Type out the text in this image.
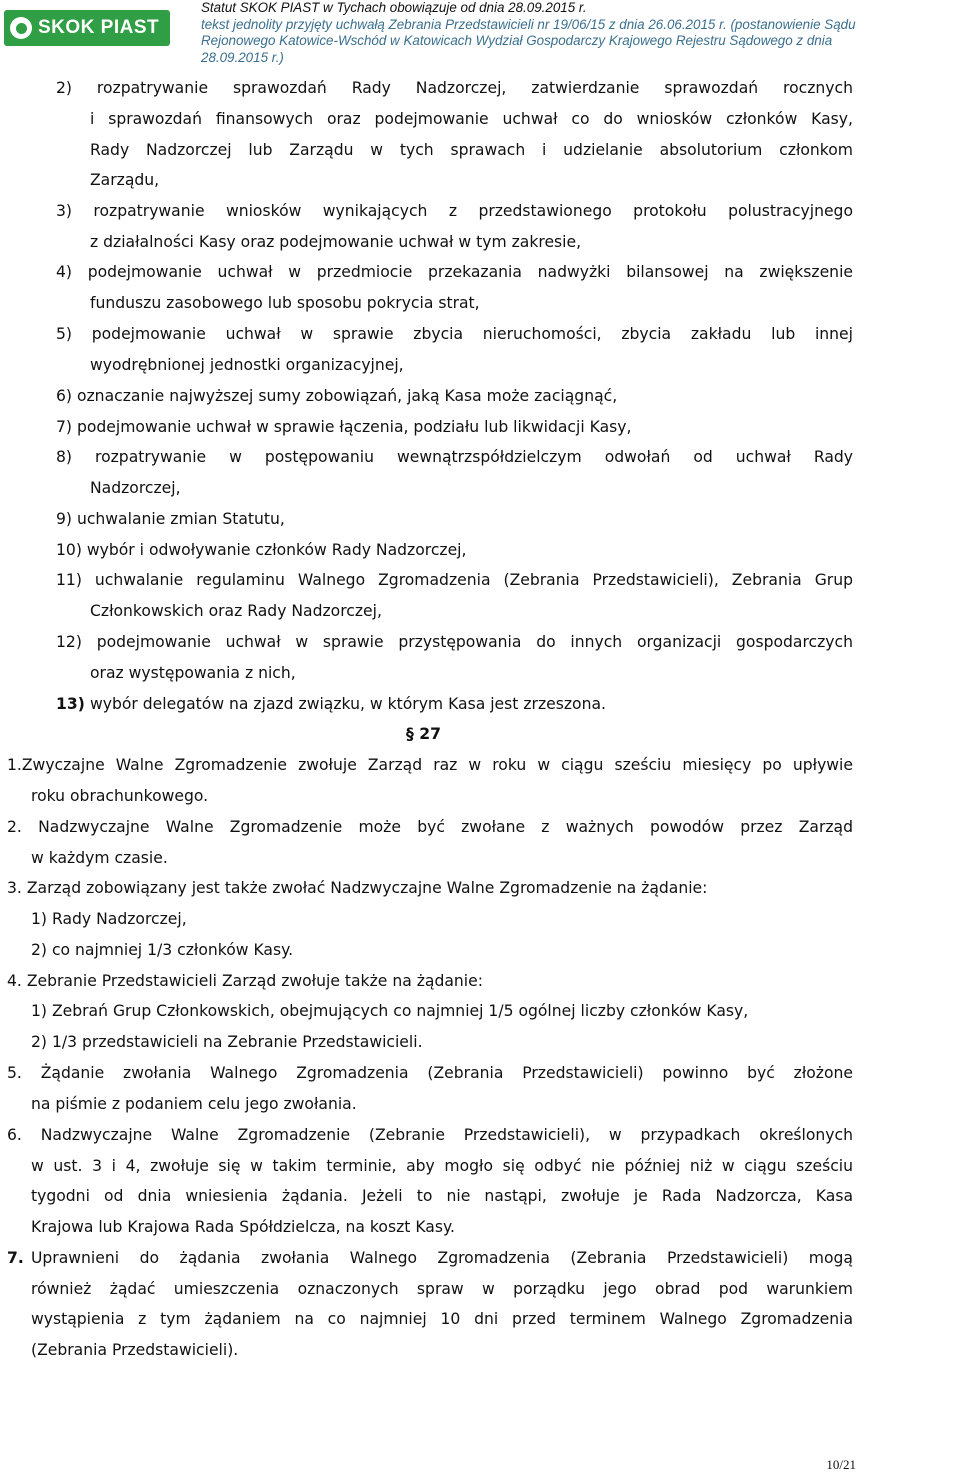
SKOK PIAST
Statut SKOK PIAST w Tychach obowiązuje od dnia 28.09.2015 r.
tekst jednolity przyjęty uchwałą Zebrania Przedstawicieli nr 19/06/15 z dnia 26.06.2015 r. (postanowienie Sądu
Rejonowego Katowice-Wschód w Katowicach Wydział Gospodarczy Krajowego Rejestru Sądowego z dnia
28.09.2015 r.)
2) rozpatrywanie sprawozdań Rady Nadzorczej, zatwierdzanie sprawozdań rocznych
i sprawozdań finansowych oraz podejmowanie uchwał co do wniosków członków Kasy,
Rady Nadzorczej lub Zarządu w tych sprawach i udzielanie absolutorium członkom
Zarządu,
3) rozpatrywanie wniosków wynikających z przedstawionego protokołu polustracyjnego
z działalności Kasy oraz podejmowanie uchwał w tym zakresie,
4) podejmowanie uchwał w przedmiocie przekazania nadwyżki bilansowej na zwiększenie
funduszu zasobowego lub sposobu pokrycia strat,
5) podejmowanie uchwał w sprawie zbycia nieruchomości, zbycia zakładu lub innej
wyodrębnionej jednostki organizacyjnej,
6) oznaczanie najwyższej sumy zobowiązań, jaką Kasa może zaciągnąć,
7) podejmowanie uchwał w sprawie łączenia, podziału lub likwidacji Kasy,
8) rozpatrywanie w postępowaniu wewnątrzspółdzielczym odwołań od uchwał Rady
Nadzorczej,
9) uchwalanie zmian Statutu,
10) wybór i odwoływanie członków Rady Nadzorczej,
11) uchwalanie regulaminu Walnego Zgromadzenia (Zebrania Przedstawicieli), Zebrania Grup
Członkowskich oraz Rady Nadzorczej,
12) podejmowanie uchwał w sprawie przystępowania do innych organizacji gospodarczych
oraz występowania z nich,
13) wybór delegatów na zjazd związku, w którym Kasa jest zrzeszona.
§ 27
1.Zwyczajne Walne Zgromadzenie zwołuje Zarząd raz w roku w ciągu sześciu miesięcy po upływie
roku obrachunkowego.
2. Nadzwyczajne Walne Zgromadzenie może być zwołane z ważnych powodów przez Zarząd
w każdym czasie.
3. Zarząd zobowiązany jest także zwołać Nadzwyczajne Walne Zgromadzenie na żądanie:
1) Rady Nadzorczej,
2) co najmniej 1/3 członków Kasy.
4. Zebranie Przedstawicieli Zarząd zwołuje także na żądanie:
1) Zebrań Grup Członkowskich, obejmujących co najmniej 1/5 ogólnej liczby członków Kasy,
2) 1/3 przedstawicieli na Zebranie Przedstawicieli.
5. Żądanie zwołania Walnego Zgromadzenia (Zebrania Przedstawicieli) powinno być złożone
na piśmie z podaniem celu jego zwołania.
6. Nadzwyczajne Walne Zgromadzenie (Zebranie Przedstawicieli), w przypadkach określonych
w ust. 3 i 4, zwołuje się w takim terminie, aby mogło się odbyć nie później niż w ciągu sześciu
tygodni od dnia wniesienia żądania. Jeżeli to nie nastąpi, zwołuje je Rada Nadzorcza, Kasa
Krajowa lub Krajowa Rada Spółdzielcza, na koszt Kasy.
7. Uprawnieni do żądania zwołania Walnego Zgromadzenia (Zebrania Przedstawicieli) mogą
również żądać umieszczenia oznaczonych spraw w porządku jego obrad pod warunkiem
wystąpienia z tym żądaniem na co najmniej 10 dni przed terminem Walnego Zgromadzenia
(Zebrania Przedstawicieli).
10/21
